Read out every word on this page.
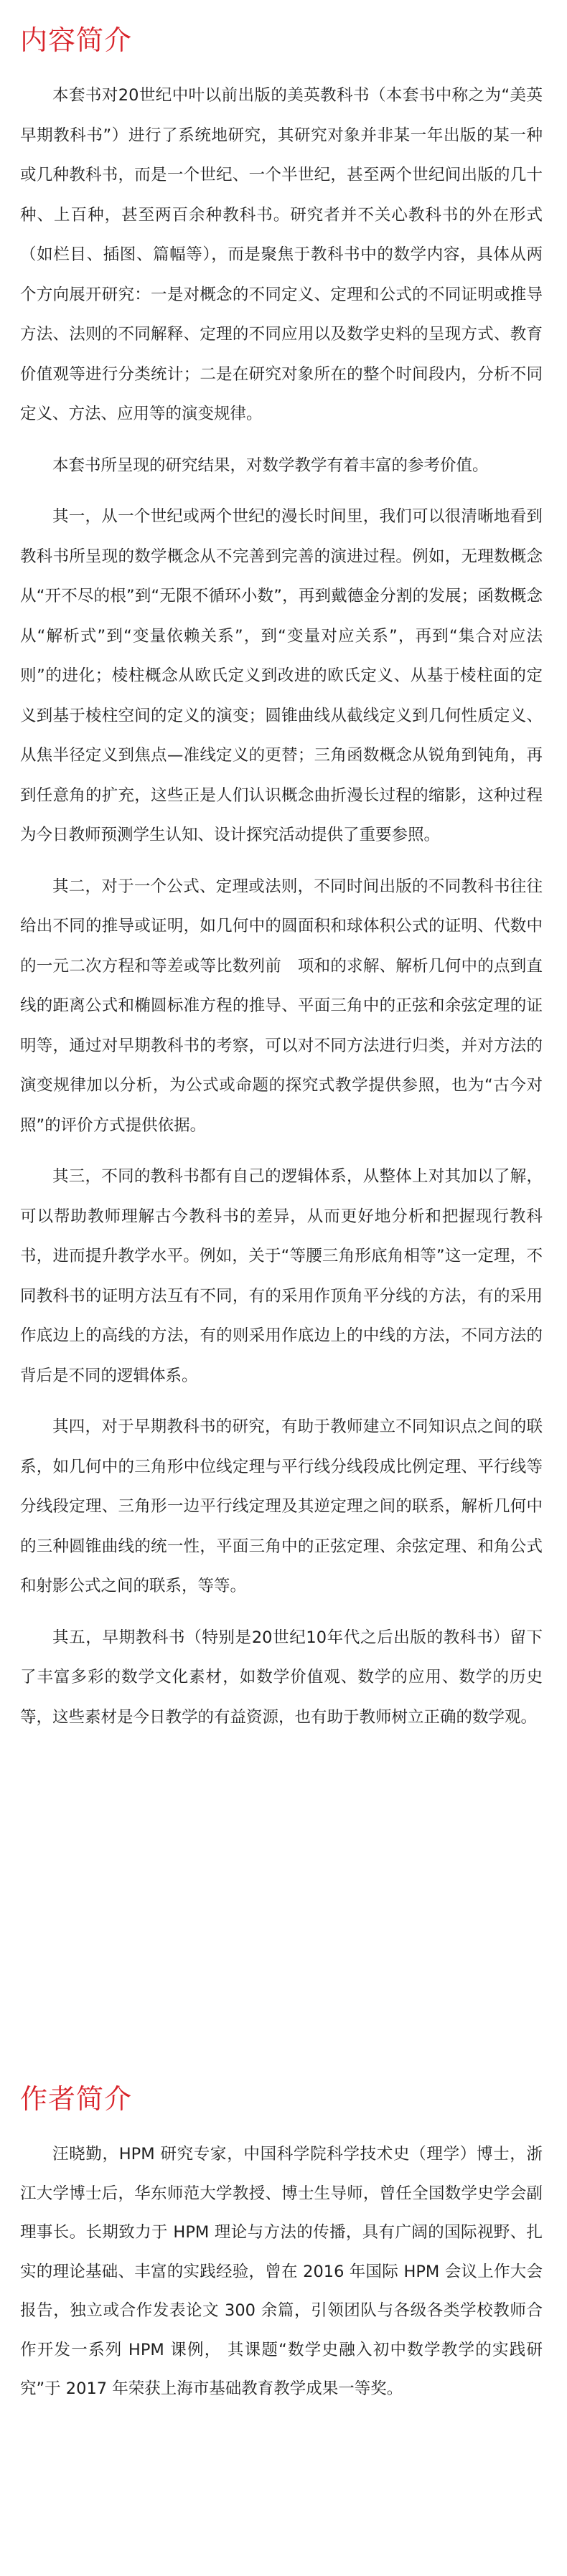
内容简介

本套书对20世纪中叶以前出版的美英教科书（本套书中称之为“美英早期教科书”）进行了系统地研究，其研究对象并非某一年出版的某一种或几种教科书，而是一个世纪、一个半世纪，甚至两个世纪间出版的几十种、上百种，甚至两百余种教科书。研究者并不关心教科书的外在形式（如栏目、插图、篇幅等），而是聚焦于教科书中的数学内容，具体从两个方向展开研究：一是对概念的不同定义、定理和公式的不同证明或推导方法、法则的不同解释、定理的不同应用以及数学史料的呈现方式、教育价值观等进行分类统计；二是在研究对象所在的整个时间段内，分析不同定义、方法、应用等的演变规律。

本套书所呈现的研究结果，对数学教学有着丰富的参考价值。

其一，从一个世纪或两个世纪的漫长时间里，我们可以很清晰地看到教科书所呈现的数学概念从不完善到完善的演进过程。例如，无理数概念从“开不尽的根”到“无限不循环小数”，再到戴德金分割的发展；函数概念从“解析式”到“变量依赖关系”，到“变量对应关系”，再到“集合对应法则”的进化；棱柱概念从欧氏定义到改进的欧氏定义、从基于棱柱面的定义到基于棱柱空间的定义的演变；圆锥曲线从截线定义到几何性质定义、从焦半径定义到焦点—准线定义的更替；三角函数概念从锐角到钝角，再到任意角的扩充，这些正是人们认识概念曲折漫长过程的缩影，这种过程为今日教师预测学生认知、设计探究活动提供了重要参照。

其二，对于一个公式、定理或法则，不同时间出版的不同教科书往往给出不同的推导或证明，如几何中的圆面积和球体积公式的证明、代数中的一元二次方程和等差或等比数列前　项和的求解、解析几何中的点到直线的距离公式和椭圆标准方程的推导、平面三角中的正弦和余弦定理的证明等，通过对早期教科书的考察，可以对不同方法进行归类，并对方法的演变规律加以分析，为公式或命题的探究式教学提供参照，也为“古今对照”的评价方式提供依据。

其三，不同的教科书都有自己的逻辑体系，从整体上对其加以了解，可以帮助教师理解古今教科书的差异，从而更好地分析和把握现行教科书，进而提升教学水平。例如，关于“等腰三角形底角相等”这一定理，不同教科书的证明方法互有不同，有的采用作顶角平分线的方法，有的采用作底边上的高线的方法，有的则采用作底边上的中线的方法，不同方法的背后是不同的逻辑体系。

其四，对于早期教科书的研究，有助于教师建立不同知识点之间的联系，如几何中的三角形中位线定理与平行线分线段成比例定理、平行线等分线段定理、三角形一边平行线定理及其逆定理之间的联系，解析几何中的三种圆锥曲线的统一性，平面三角中的正弦定理、余弦定理、和角公式和射影公式之间的联系，等等。

其五，早期教科书（特别是20世纪10年代之后出版的教科书）留下了丰富多彩的数学文化素材，如数学价值观、数学的应用、数学的历史等，这些素材是今日教学的有益资源，也有助于教师树立正确的数学观。

作者简介

汪晓勤，HPM 研究专家，中国科学院科学技术史（理学）博士，浙江大学博士后，华东师范大学教授、博士生导师，曾任全国数学史学会副理事长。长期致力于 HPM 理论与方法的传播，具有广阔的国际视野、扎实的理论基础、丰富的实践经验，曾在 2016 年国际 HPM 会议上作大会报告，独立或合作发表论文 300 余篇，引领团队与各级各类学校教师合作开发一系列 HPM 课例， 其课题“数学史融入初中数学教学的实践研究”于 2017 年荣获上海市基础教育教学成果一等奖。
